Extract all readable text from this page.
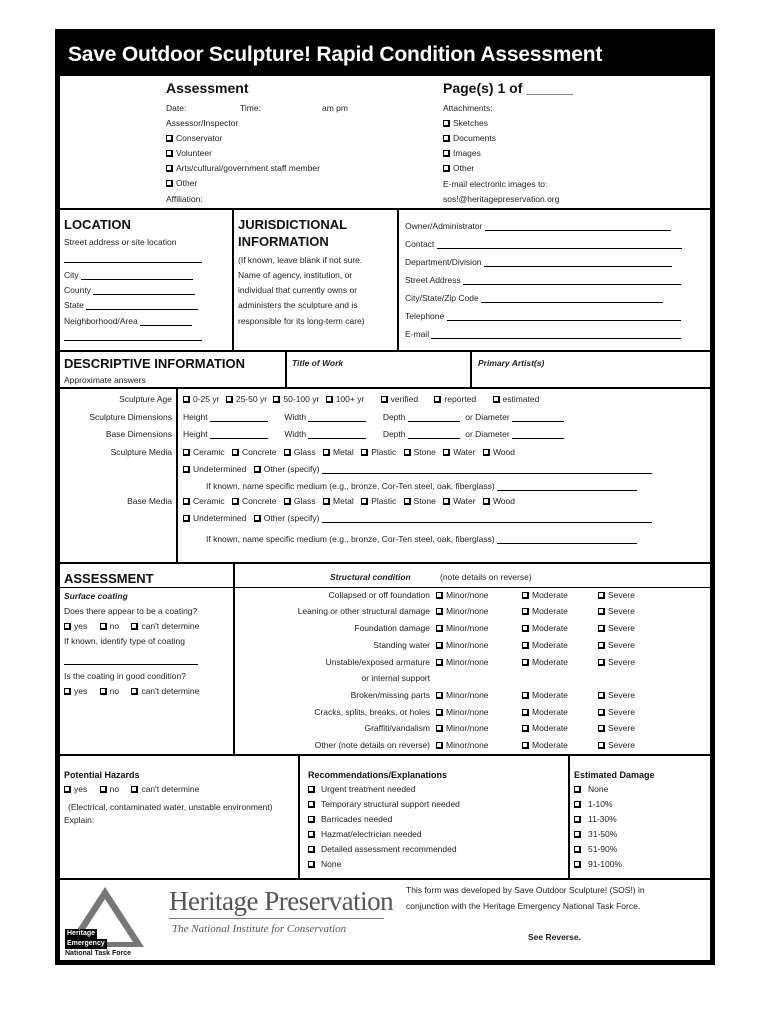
Save Outdoor Sculpture! Rapid Condition Assessment
Assessment	Page(s) 1 of ______
Date:	Time:	am pm
Assessor/Inspector
Conservator
Volunteer
Arts/cultural/government staff member
Other
Affiliation:
Attachments:
Sketches
Documents
Images
Other
E-mail electronic images to:
sos!@heritagepreservation.org
LOCATION
Street address or site location
City
County
State
Neighborhood/Area
JURISDICTIONAL
INFORMATION
(If known, leave blank if not sure.
Name of agency, institution, or
individual that currently owns or
administers the sculpture and is
responsible for its long-term care)
Owner/Administrator
Contact
Department/Division
Street Address
City/State/Zip Code
Telephone
E-mail
DESCRIPTIVE INFORMATION	Title of Work	Primary Artist(s)
Approximate answers
Sculpture Age	0-25 yr 25-50 yr 50-100 yr 100+ yr	verified	reported	estimated
Sculpture Dimensions Height	Width	Depth	or Diameter
Base Dimensions Height	Width	Depth	or Diameter
Sculpture Media	Ceramic Concrete Glass Metal Plastic Stone Water Wood
Undetermined Other (specify)
If known, name specific medium (e.g., bronze, Cor-Ten steel, oak, fiberglass)
Base Media	Ceramic Concrete Glass Metal Plastic Stone Water Wood
Undetermined Other (specify)
If known, name specific medium (e.g., bronze, Cor-Ten steel, oak, fiberglass)
ASSESSMENT
Surface coating
Does there appear to be a coating?
yes	no	can't determine
If known, identify type of coating
Is the coating in good condition?
yes	no	can't determine
Structural condition	(note details on reverse)
Collapsed or off foundation	Minor/none	Moderate	Severe
Leaning or other structural damage	Minor/none	Moderate	Severe
Foundation damage	Minor/none	Moderate	Severe
Standing water	Minor/none	Moderate	Severe
Unstable/exposed armature	Minor/none	Moderate	Severe
or internal support
Broken/missing parts	Minor/none	Moderate	Severe
Cracks, splits, breaks, or holes	Minor/none	Moderate	Severe
Graffiti/vandalism	Minor/none	Moderate	Severe
Other (note details on reverse)	Minor/none	Moderate	Severe
Potential Hazards
yes	no	can't determine
(Electrical, contaminated water, unstable environment)
Explain:
Recommendations/Explanations
Urgent treatment needed
Temporary structural support needed
Barricades needed
Hazmat/electrician needed
Detailed assessment recommended
None
Estimated Damage
None
1-10%
11-30%
31-50%
51-90%
91-100%
Heritage
Emergency
National Task Force
Heritage Preservation
The National Institute for Conservation
This form was developed by Save Outdoor Sculpture! (SOS!) in
conjunction with the Heritage Emergency National Task Force.
See Reverse.
